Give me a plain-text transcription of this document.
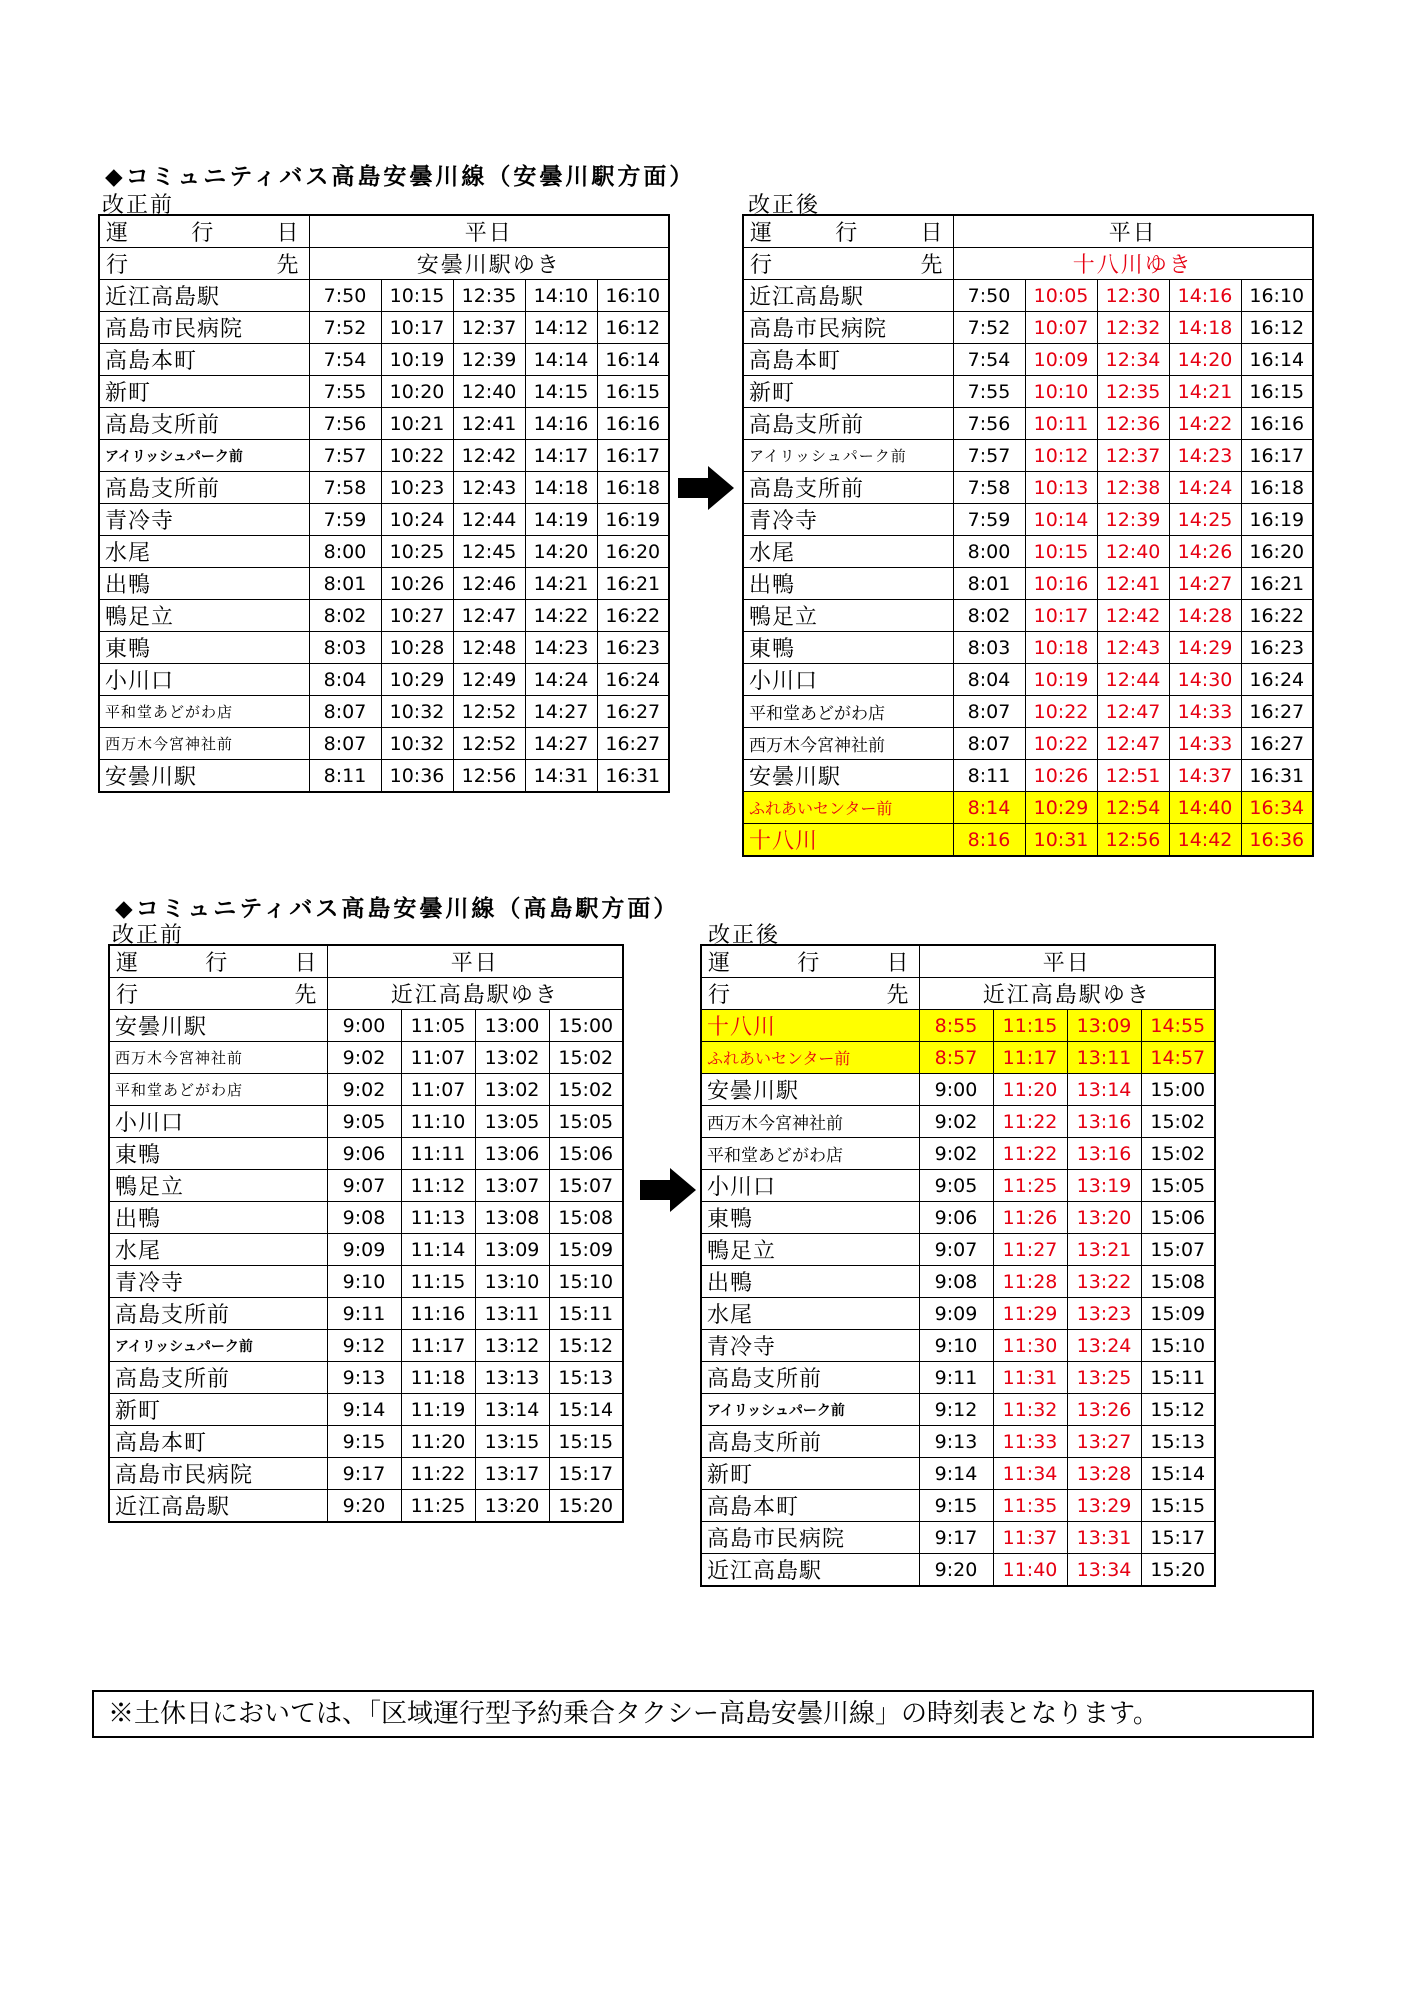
◆コミュニティバス高島安曇川線（安曇川駅方面）
改正前	改正後
運 行 日	平日				

行 先	安曇川駅ゆき				
近江高島駅	7:50	10:15	12:35	14:10	16:10
高島市民病院	7:52	10:17	12:37	14:12	16:12
高島本町	7:54	10:19	12:39	14:14	16:14
新町	7:55	10:20	12:40	14:15	16:15
高島支所前	7:56	10:21	12:41	14:16	16:16
アイリッシュパーク前	7:57	10:22	12:42	14:17	16:17
高島支所前	7:58	10:23	12:43	14:18	16:18
青冷寺	7:59	10:24	12:44	14:19	16:19
水尾	8:00	10:25	12:45	14:20	16:20
出鴨	8:01	10:26	12:46	14:21	16:21
鴨足立	8:02	10:27	12:47	14:22	16:22
東鴨	8:03	10:28	12:48	14:23	16:23
小川口	8:04	10:29	12:49	14:24	16:24
平和堂あどがわ店	8:07	10:32	12:52	14:27	16:27
西万木今宮神社前	8:07	10:32	12:52	14:27	16:27
安曇川駅	8:11	10:36	12:56	14:31	16:31
運 行 日	平日				

行 先	十八川ゆき				
近江高島駅	7:50	10:05	12:30	14:16	16:10
高島市民病院	7:52	10:07	12:32	14:18	16:12
高島本町	7:54	10:09	12:34	14:20	16:14
新町	7:55	10:10	12:35	14:21	16:15
高島支所前	7:56	10:11	12:36	14:22	16:16
アイリッシュパーク前	7:57	10:12	12:37	14:23	16:17
高島支所前	7:58	10:13	12:38	14:24	16:18
青冷寺	7:59	10:14	12:39	14:25	16:19
水尾	8:00	10:15	12:40	14:26	16:20
出鴨	8:01	10:16	12:41	14:27	16:21
鴨足立	8:02	10:17	12:42	14:28	16:22
東鴨	8:03	10:18	12:43	14:29	16:23
小川口	8:04	10:19	12:44	14:30	16:24
平和堂あどがわ店	8:07	10:22	12:47	14:33	16:27
西万木今宮神社前	8:07	10:22	12:47	14:33	16:27
安曇川駅	8:11	10:26	12:51	14:37	16:31
ふれあいセンター前	8:14	10:29	12:54	14:40	16:34
十八川	8:16	10:31	12:56	14:42	16:36
◆コミュニティバス高島安曇川線（高島駅方面）
改正前	改正後
運 行 日	平日			

行 先	近江高島駅ゆき			
安曇川駅	9:00	11:05	13:00	15:00
西万木今宮神社前	9:02	11:07	13:02	15:02
平和堂あどがわ店	9:02	11:07	13:02	15:02
小川口	9:05	11:10	13:05	15:05
東鴨	9:06	11:11	13:06	15:06
鴨足立	9:07	11:12	13:07	15:07
出鴨	9:08	11:13	13:08	15:08
水尾	9:09	11:14	13:09	15:09
青冷寺	9:10	11:15	13:10	15:10
高島支所前	9:11	11:16	13:11	15:11
アイリッシュパーク前	9:12	11:17	13:12	15:12
高島支所前	9:13	11:18	13:13	15:13
新町	9:14	11:19	13:14	15:14
高島本町	9:15	11:20	13:15	15:15
高島市民病院	9:17	11:22	13:17	15:17
近江高島駅	9:20	11:25	13:20	15:20
運 行 日	平日			

行 先	近江高島駅ゆき			
十八川	8:55	11:15	13:09	14:55
ふれあいセンター前	8:57	11:17	13:11	14:57
安曇川駅	9:00	11:20	13:14	15:00
西万木今宮神社前	9:02	11:22	13:16	15:02
平和堂あどがわ店	9:02	11:22	13:16	15:02
小川口	9:05	11:25	13:19	15:05
東鴨	9:06	11:26	13:20	15:06
鴨足立	9:07	11:27	13:21	15:07
出鴨	9:08	11:28	13:22	15:08
水尾	9:09	11:29	13:23	15:09
青冷寺	9:10	11:30	13:24	15:10
高島支所前	9:11	11:31	13:25	15:11
アイリッシュパーク前	9:12	11:32	13:26	15:12
高島支所前	9:13	11:33	13:27	15:13
新町	9:14	11:34	13:28	15:14
高島本町	9:15	11:35	13:29	15:15
高島市民病院	9:17	11:37	13:31	15:17
近江高島駅	9:20	11:40	13:34	15:20
※土休日においては、「区域運行型予約乗合タクシー高島安曇川線」の時刻表となります。
